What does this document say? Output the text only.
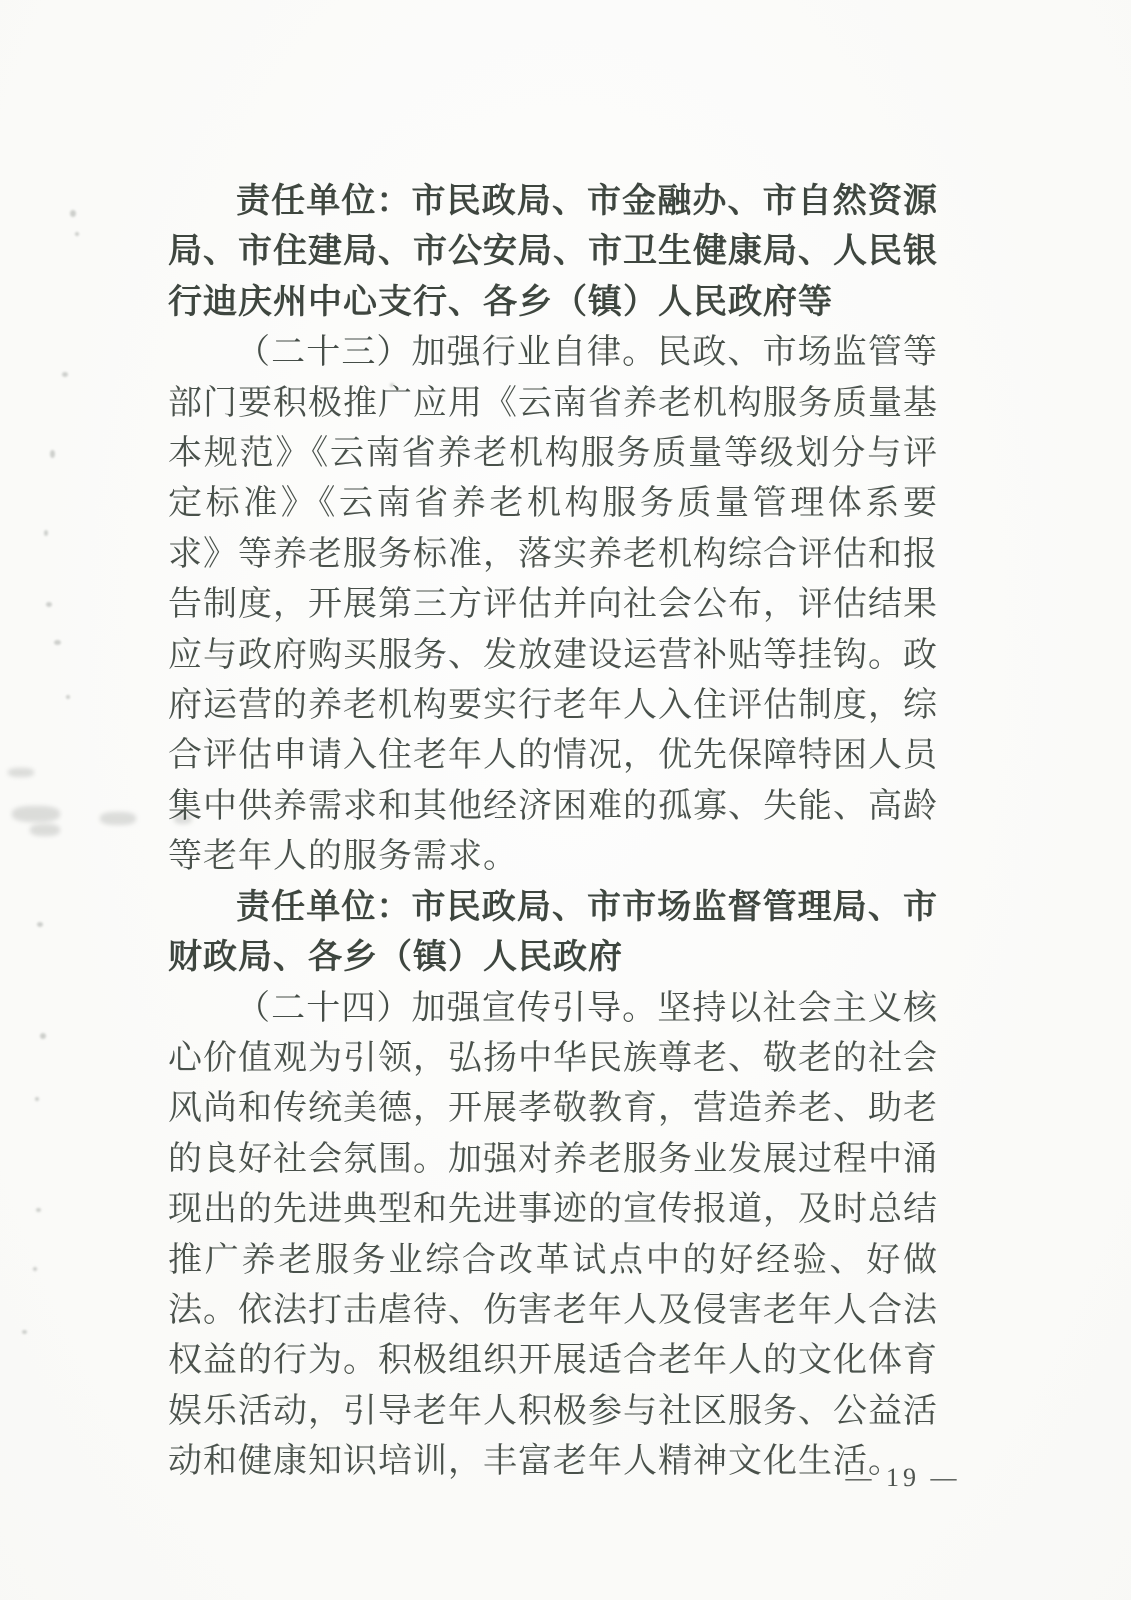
责任单位：市民政局、市金融办、市自然资源局、市住建局、市公安局、市卫生健康局、人民银行迪庆州中心支行、各乡（镇）人民政府等

（二十三）加强行业自律。民政、市场监管等部门要积极推广应用《云南省养老机构服务质量基本规范》《云南省养老机构服务质量等级划分与评定标准》《云南省养老机构服务质量管理体系要求》等养老服务标准，落实养老机构综合评估和报告制度，开展第三方评估并向社会公布，评估结果应与政府购买服务、发放建设运营补贴等挂钩。政府运营的养老机构要实行老年人入住评估制度，综合评估申请入住老年人的情况，优先保障特困人员集中供养需求和其他经济困难的孤寡、失能、高龄等老年人的服务需求。

责任单位：市民政局、市市场监督管理局、市财政局、各乡（镇）人民政府

（二十四）加强宣传引导。坚持以社会主义核心价值观为引领，弘扬中华民族尊老、敬老的社会风尚和传统美德，开展孝敬教育，营造养老、助老的良好社会氛围。加强对养老服务业发展过程中涌现出的先进典型和先进事迹的宣传报道，及时总结推广养老服务业综合改革试点中的好经验、好做法。依法打击虐待、伤害老年人及侵害老年人合法权益的行为。积极组织开展适合老年人的文化体育娱乐活动，引导老年人积极参与社区服务、公益活动和健康知识培训，丰富老年人精神文化生活。

— 19 —
